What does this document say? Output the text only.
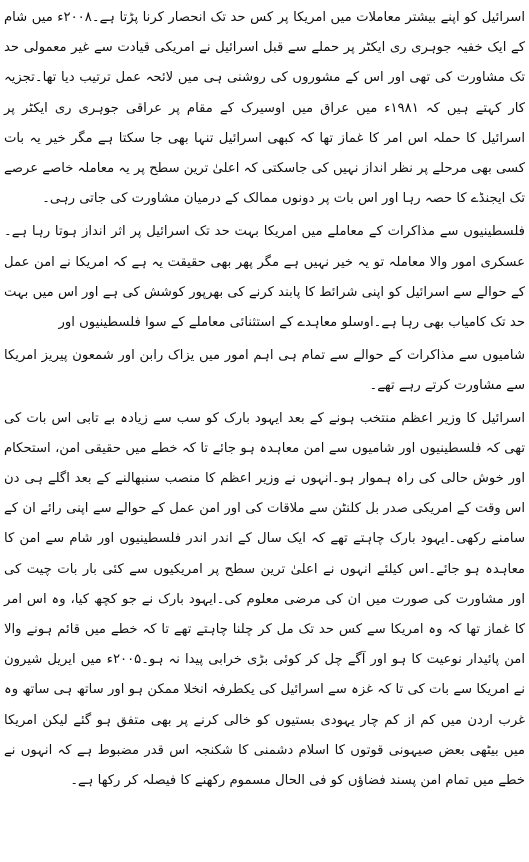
اسرائیل کو اپنے بیشتر معاملات میں امریکا پر کس حد تک انحصار کرنا پڑتا ہے۔۲۰۰۸ء میں شام کے ایک خفیہ جوہری ری ایکٹر پر حملے سے قبل اسرائیل نے امریکی قیادت سے غیر معمولی حد تک مشاورت کی تھی اور اس کے مشوروں کی روشنی ہی میں لائحہ عمل ترتیب دیا تھا۔تجزیہ کار کہتے ہیں کہ ۱۹۸۱ء میں عراق میں اوسیرک کے مقام پر عراقی جوہری ری ایکٹر پر اسرائیل کا حملہ اس امر کا غماز تھا کہ کبھی اسرائیل تنہا بھی جا سکتا ہے مگر خیر یہ بات کسی بھی مرحلے پر نظر انداز نہیں کی جاسکتی کہ اعلیٰ ترین سطح پر یہ معاملہ خاصے عرصے تک ایجنڈے کا حصہ رہا اور اس بات پر دونوں ممالک کے درمیان مشاورت کی جاتی رہی۔

فلسطینیوں سے مذاکرات کے معاملے میں امریکا بہت حد تک اسرائیل پر اثر انداز ہوتا رہا ہے۔عسکری امور والا معاملہ تو یہ خیر نہیں ہے مگر پھر بھی حقیقت یہ ہے کہ امریکا نے امن عمل کے حوالے سے اسرائیل کو اپنی شرائط کا پابند کرنے کی بھرپور کوشش کی ہے اور اس میں بہت حد تک کامیاب بھی رہا ہے۔اوسلو معاہدے کے استثنائی معاملے کے سوا فلسطینیوں اور

شامیوں سے مذاکرات کے حوالے سے تمام ہی اہم امور میں یزاک رابن اور شمعون پیریز امریکا سے مشاورت کرتے رہے تھے۔

اسرائیل کا وزیر اعظم منتخب ہونے کے بعد ایہود بارک کو سب سے زیادہ بے تابی اس بات کی تھی کہ فلسطینیوں اور شامیوں سے امن معاہدہ ہو جائے تا کہ خطے میں حقیقی امن، استحکام اور خوش حالی کی راہ ہموار ہو۔انہوں نے وزیر اعظم کا منصب سنبھالنے کے بعد اگلے ہی دن اس وقت کے امریکی صدر بل کلنٹن سے ملاقات کی اور امن عمل کے حوالے سے اپنی رائے ان کے سامنے رکھی۔ایہود بارک چاہتے تھے کہ ایک سال کے اندر اندر فلسطینیوں اور شام سے امن کا معاہدہ ہو جائے۔اس کیلئے انہوں نے اعلیٰ ترین سطح پر امریکیوں سے کئی بار بات چیت کی اور مشاورت کی صورت میں ان کی مرضی معلوم کی۔ایہود بارک نے جو کچھ کیا، وہ اس امر کا غماز تھا کہ وہ امریکا سے کس حد تک مل کر چلنا چاہتے تھے تا کہ خطے میں قائم ہونے والا امن پائیدار نوعیت کا ہو اور آگے چل کر کوئی بڑی خرابی پیدا نہ ہو۔۲۰۰۵ء میں ایریل شیرون نے امریکا سے بات کی تا کہ غزہ سے اسرائیل کی یکطرفہ انخلا ممکن ہو اور ساتھ ہی ساتھ وہ غرب اردن میں کم از کم چار یہودی بستیوں کو خالی کرنے پر بھی متفق ہو گئے لیکن امریکا میں بیٹھی بعض صیہونی قوتوں کا اسلام دشمنی کا شکنجہ اس قدر مضبوط ہے کہ انہوں نے خطے میں تمام امن پسند فضاؤں کو فی الحال مسموم رکھنے کا فیصلہ کر رکھا ہے۔
